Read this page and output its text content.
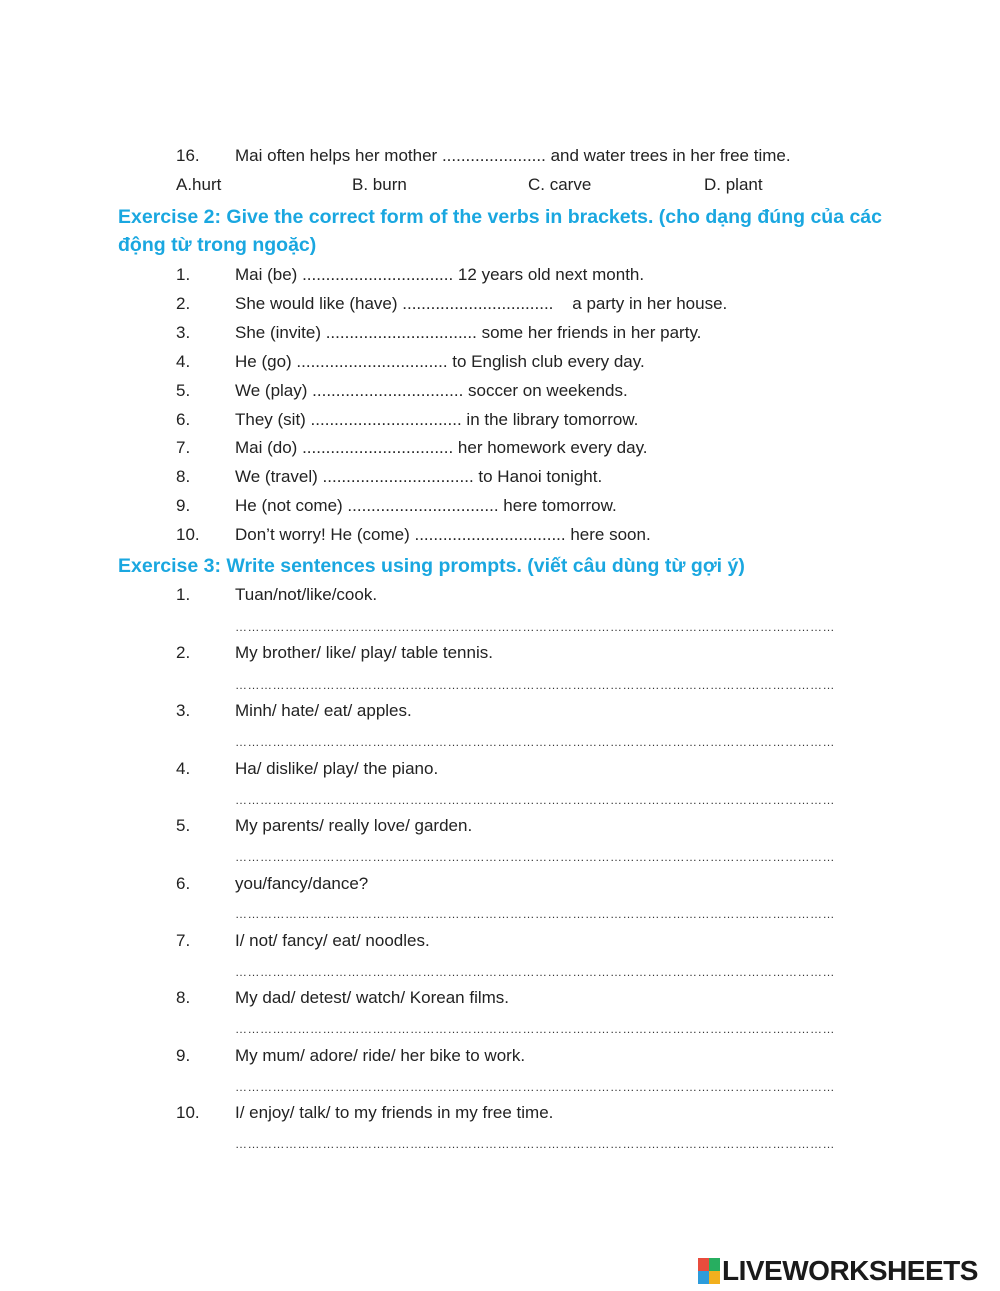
16. Mai often helps her mother ...................... and water trees in her free time.
A.hurt	B. burn	C. carve	D. plant
Exercise 2: Give the correct form of the verbs in brackets. (cho dạng đúng của các
động từ trong ngoặc)
1.	Mai (be) ................................ 12 years old next month.
2.	She would like (have) ................................    a party in her house.
3.	She (invite) ................................ some her friends in her party.
4.	He (go) ................................ to English club every day.
5.	We (play) ................................ soccer on weekends.
6.	They (sit) ................................ in the library tomorrow.
7.	Mai (do) ................................ her homework every day.
8.	We (travel) ................................ to Hanoi tonight.
9.	He (not come) ................................ here tomorrow.
10. Don’t worry! He (come) ................................ here soon.
Exercise 3: Write sentences using prompts. (viết câu dùng từ gợi ý)
1.	Tuan/not/like/cook.
………………………………………………………………………………………………………………………………
2.	My brother/ like/ play/ table tennis.
………………………………………………………………………………………………………………………………
3.	Minh/ hate/ eat/ apples.
………………………………………………………………………………………………………………………………
4.	Ha/ dislike/ play/ the piano.
………………………………………………………………………………………………………………………………
5.	My parents/ really love/ garden.
………………………………………………………………………………………………………………………………
6.	you/fancy/dance?
………………………………………………………………………………………………………………………………
7.	I/ not/ fancy/ eat/ noodles.
………………………………………………………………………………………………………………………………
8.	My dad/ detest/ watch/ Korean films.
………………………………………………………………………………………………………………………………
9.	My mum/ adore/ ride/ her bike to work.
………………………………………………………………………………………………………………………………
10. I/ enjoy/ talk/ to my friends in my free time.
………………………………………………………………………………………………………………………………
LIVEWORKSHEETS
